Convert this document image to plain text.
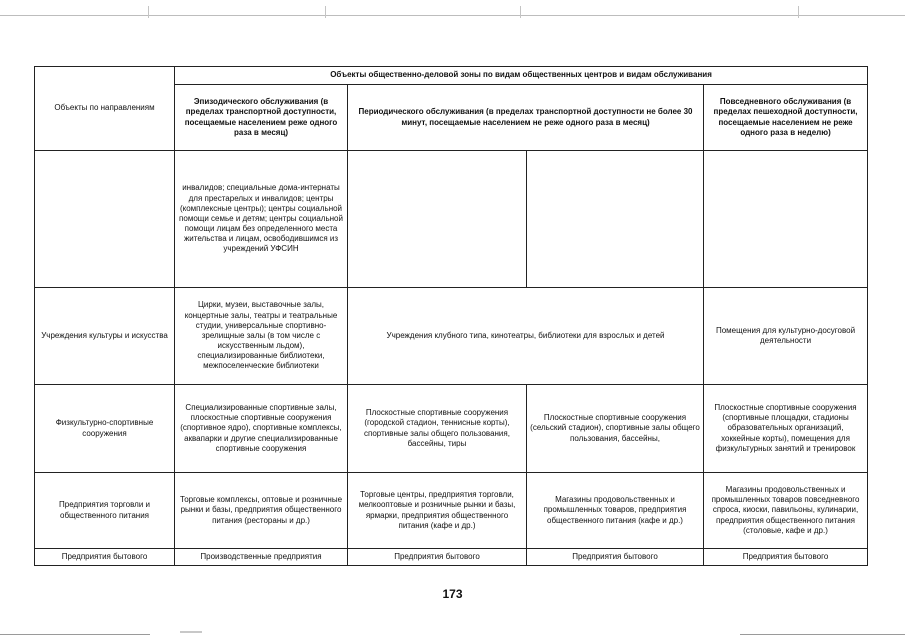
Объекты по направлениям	Объекты общественно-деловой зоны по видам общественных центров и видам обслуживания			
	Эпизодического обслуживания (в пределах транспортной доступности, посещаемые населением реже одного раза в месяц)	Периодического обслуживания (в пределах транспортной доступности не более 30 минут, посещаемые населением не реже одного раза в месяц)		Повседневного обслуживания (в пределах пешеходной доступности, посещаемые населением не реже одного раза в неделю)
	инвалидов; специальные дома-интернаты для престарелых и инвалидов; центры (комплексные центры); центры социальной помощи семье и детям; центры социальной помощи лицам без определенного места жительства и лицам, освободившимся из учреждений УФСИН			
Учреждения культуры и искусства	Цирки, музеи, выставочные залы, концертные залы, театры и театральные студии, универсальные спортивно-зрелищные залы (в том числе с искусственным льдом), специализированные библиотеки, межпоселенческие библиотеки	Учреждения клубного типа, кинотеатры, библиотеки для взрослых и детей		Помещения для культурно-досуговой деятельности
Физкультурно-спортивные сооружения	Специализированные спортивные залы, плоскостные спортивные сооружения (спортивное ядро), спортивные комплексы, аквапарки и другие специализированные спортивные сооружения	Плоскостные спортивные сооружения (городской стадион, теннисные корты), спортивные залы общего пользования, бассейны, тиры	Плоскостные спортивные сооружения (сельский стадион), спортивные залы общего пользования, бассейны,	Плоскостные спортивные сооружения (спортивные площадки, стадионы образовательных организаций, хоккейные корты), помещения для физкультурных занятий и тренировок
Предприятия торговли и общественного питания	Торговые комплексы, оптовые и розничные рынки и базы, предприятия общественного питания (рестораны и др.)	Торговые центры, предприятия торговли, мелкооптовые и розничные рынки и базы, ярмарки, предприятия общественного питания (кафе и др.)	Магазины продовольственных и промышленных товаров, предприятия общественного питания (кафе и др.)	Магазины продовольственных и промышленных товаров повседневного спроса, киоски, павильоны, кулинарии, предприятия общественного питания (столовые, кафе и др.)
Предприятия бытового	Производственные предприятия	Предприятия бытового	Предприятия бытового	Предприятия бытового
173
